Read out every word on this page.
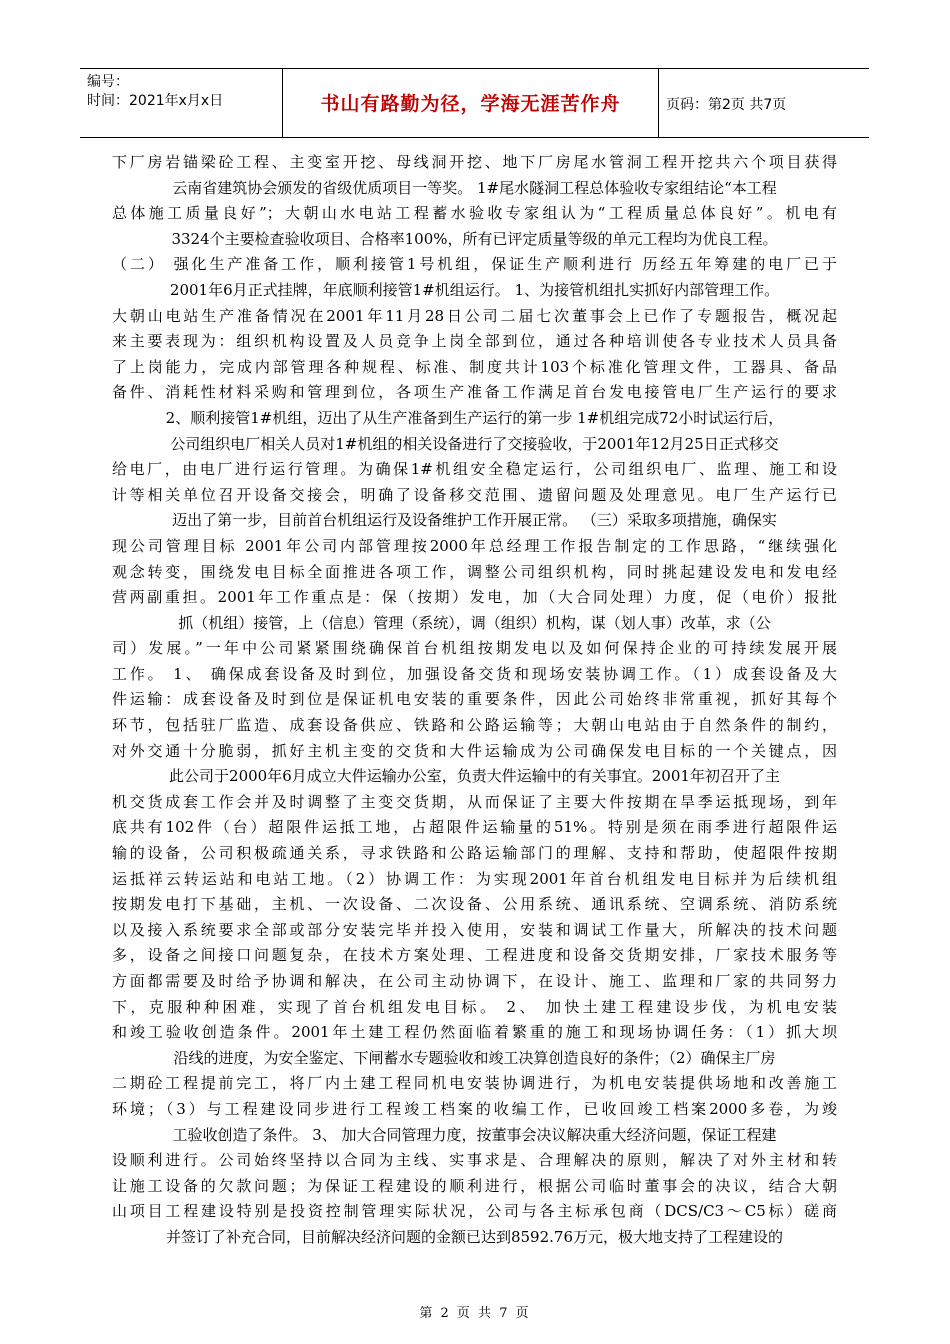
编号：
时间：2021年x月x日	书山有路勤为径，学海无涯苦作舟	页码：第2页 共7页
下厂房岩锚梁砼工程、主变室开挖、母线洞开挖、地下厂房尾水管洞工程开挖共六个项目获得
云南省建筑协会颁发的省级优质项目一等奖。 1#尾水隧洞工程总体验收专家组结论“本工程
总体施工质量良好”；大朝山水电站工程蓄水验收专家组认为“工程质量总体良好”。机电有
3324个主要检查验收项目、合格率100%，所有已评定质量等级的单元工程均为优良工程。
（二） 强化生产准备工作，顺利接管1号机组，保证生产顺利进行 历经五年筹建的电厂已于
2001年6月正式挂牌，年底顺利接管1#机组运行。 1、为接管机组扎实抓好内部管理工作。
大朝山电站生产准备情况在2001年11月28日公司二届七次董事会上已作了专题报告，概况起
来主要表现为：组织机构设置及人员竞争上岗全部到位，通过各种培训使各专业技术人员具备
了上岗能力，完成内部管理各种规程、标准、制度共计103个标准化管理文件，工器具、备品
备件、消耗性材料采购和管理到位，各项生产准备工作满足首台发电接管电厂生产运行的要求
2、顺利接管1#机组，迈出了从生产准备到生产运行的第一步 1#机组完成72小时试运行后，
公司组织电厂相关人员对1#机组的相关设备进行了交接验收，于2001年12月25日正式移交
给电厂，由电厂进行运行管理。为确保1#机组安全稳定运行，公司组织电厂、监理、施工和设
计等相关单位召开设备交接会，明确了设备移交范围、遗留问题及处理意见。电厂生产运行已
迈出了第一步，目前首台机组运行及设备维护工作开展正常。 （三）采取多项措施，确保实
现公司管理目标 2001年公司内部管理按2000年总经理工作报告制定的工作思路，“继续强化
观念转变，围绕发电目标全面推进各项工作，调整公司组织机构，同时挑起建设发电和发电经
营两副重担。2001年工作重点是：保（按期）发电，加（大合同处理）力度，促（电价）报批
抓（机组）接管，上（信息）管理（系统），调（组织）机构，谋（划人事）改革，求（公
司）发展。”一年中公司紧紧围绕确保首台机组按期发电以及如何保持企业的可持续发展开展
工作。 1、 确保成套设备及时到位，加强设备交货和现场安装协调工作。（1）成套设备及大
件运输：成套设备及时到位是保证机电安装的重要条件，因此公司始终非常重视，抓好其每个
环节，包括驻厂监造、成套设备供应、铁路和公路运输等；大朝山电站由于自然条件的制约，
对外交通十分脆弱，抓好主机主变的交货和大件运输成为公司确保发电目标的一个关键点，因
此公司于2000年6月成立大件运输办公室，负责大件运输中的有关事宜。2001年初召开了主
机交货成套工作会并及时调整了主变交货期，从而保证了主要大件按期在旱季运抵现场，到年
底共有102件（台）超限件运抵工地，占超限件运输量的51%。特别是须在雨季进行超限件运
输的设备，公司积极疏通关系，寻求铁路和公路运输部门的理解、支持和帮助，使超限件按期
运抵祥云转运站和电站工地。（2）协调工作：为实现2001年首台机组发电目标并为后续机组
按期发电打下基础，主机、一次设备、二次设备、公用系统、通讯系统、空调系统、消防系统
以及接入系统要求全部或部分安装完毕并投入使用，安装和调试工作量大，所解决的技术问题
多，设备之间接口问题复杂，在技术方案处理、工程进度和设备交货期安排，厂家技术服务等
方面都需要及时给予协调和解决，在公司主动协调下，在设计、施工、监理和厂家的共同努力
下，克服种种困难，实现了首台机组发电目标。 2、 加快土建工程建设步伐，为机电安装
和竣工验收创造条件。2001年土建工程仍然面临着繁重的施工和现场协调任务：（1）抓大坝
沿线的进度，为安全鉴定、下闸蓄水专题验收和竣工决算创造良好的条件；（2）确保主厂房
二期砼工程提前完工，将厂内土建工程同机电安装协调进行，为机电安装提供场地和改善施工
环境；（3）与工程建设同步进行工程竣工档案的收编工作，已收回竣工档案2000多卷，为竣
工验收创造了条件。 3、 加大合同管理力度，按董事会决议解决重大经济问题，保证工程建
设顺利进行。公司始终坚持以合同为主线、实事求是、合理解决的原则，解决了对外主材和转
让施工设备的欠款问题；为保证工程建设的顺利进行，根据公司临时董事会的决议，结合大朝
山项目工程建设特别是投资控制管理实际状况，公司与各主标承包商（DCS/C3～C5标）磋商
并签订了补充合同，目前解决经济问题的金额已达到8592.76万元，极大地支持了工程建设的
第 2 页 共 7 页
